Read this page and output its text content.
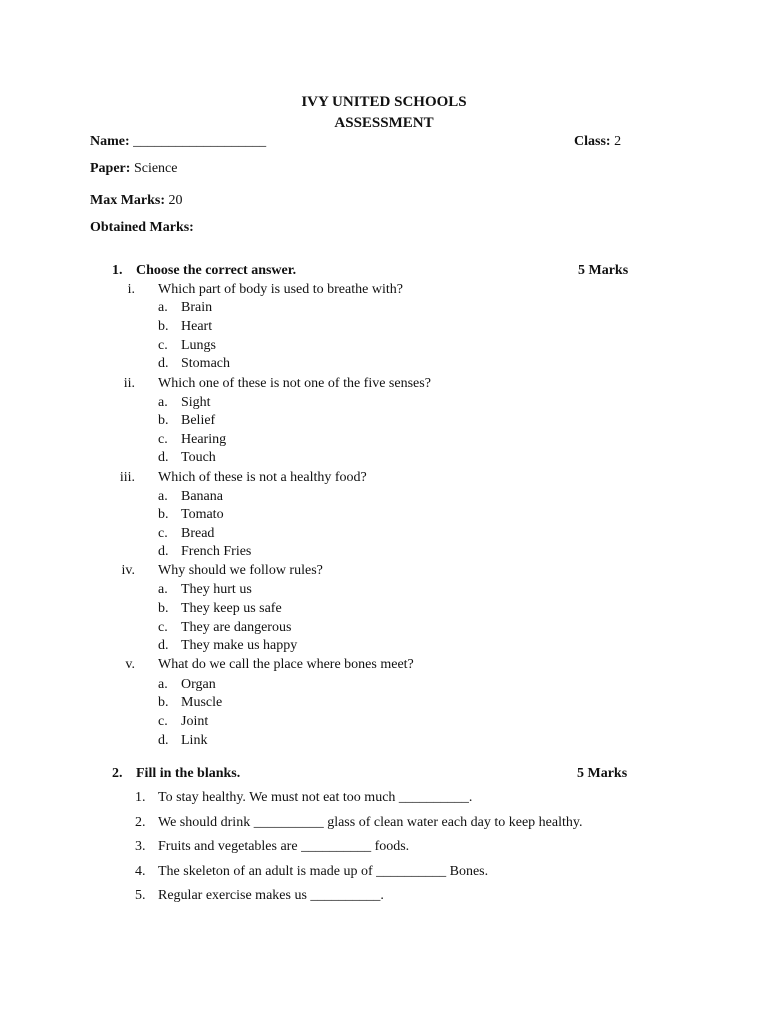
IVY UNITED SCHOOLS
ASSESSMENT
Name: ___________________	Class: 2
Paper: Science
Max Marks: 20
Obtained Marks:
1. Choose the correct answer.	5 Marks
i. Which part of body is used to breathe with?
a. Brain
b. Heart
c. Lungs
d. Stomach
ii. Which one of these is not one of the five senses?
a. Sight
b. Belief
c. Hearing
d. Touch
iii. Which of these is not a healthy food?
a. Banana
b. Tomato
c. Bread
d. French Fries
iv. Why should we follow rules?
a. They hurt us
b. They keep us safe
c. They are dangerous
d. They make us happy
v. What do we call the place where bones meet?
a. Organ
b. Muscle
c. Joint
d. Link
2. Fill in the blanks.	5 Marks
1. To stay healthy. We must not eat too much __________.
2. We should drink __________ glass of clean water each day to keep healthy.
3. Fruits and vegetables are __________ foods.
4. The skeleton of an adult is made up of __________ Bones.
5. Regular exercise makes us __________.
